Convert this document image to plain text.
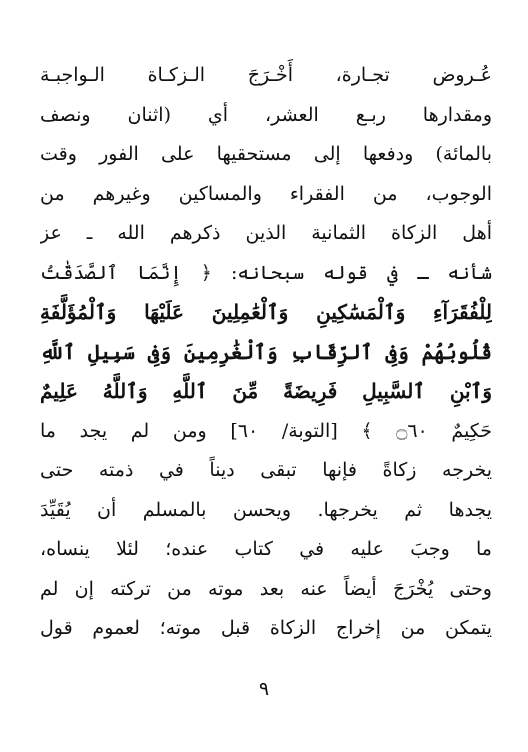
عُـروض تجـارة، أَخْـرَجَ الـزكـاة الـواجبـة
ومقدارها ربـع العشر، أي (اثنان ونصف
بالمائة) ودفعها إلى مستحقيها على الفور وقت
الوجوب، من الفقراء والمساكين وغيرهم من
أهل الزكاة الثمانية الذين ذكرهم الله ـ عز
شأنه ـ في قوله سبحانه: ﴿ إِنَّمَا ٱلصَّدَقَٰتُ
لِلْفُقَرَآءِ وَٱلْمَسَٰكِينِ وَٱلْعَٰمِلِينَ عَلَيْهَا وَٱلْمُؤَلَّفَةِ
قُلُوبُهُمْ وَفِى ٱلرِّقَابِ وَٱلْغَٰرِمِينَ وَفِى سَبِيلِ ٱللَّهِ
وَٱبْنِ ٱلسَّبِيلِ فَرِيضَةً مِّنَ ٱللَّهِ وَٱللَّهُ عَلِيمٌ
حَكِيمٌ ۝٦٠ ﴾ [التوبة/ ٦٠] ومن لم يجد ما
يخرجه زكاةً فإنها تبقى ديناً في ذمته حتى
يجدها ثم يخرجها. ويحسن بالمسلم أن يُقَيِّدَ
ما وجبَ عليه في كتاب عنده؛ لئلا ينساه،
وحتى يُخْرَجَ أيضاً عنه بعد موته من تركته إن لم
يتمكن من إخراج الزكاة قبل موته؛ لعموم قول
٩
